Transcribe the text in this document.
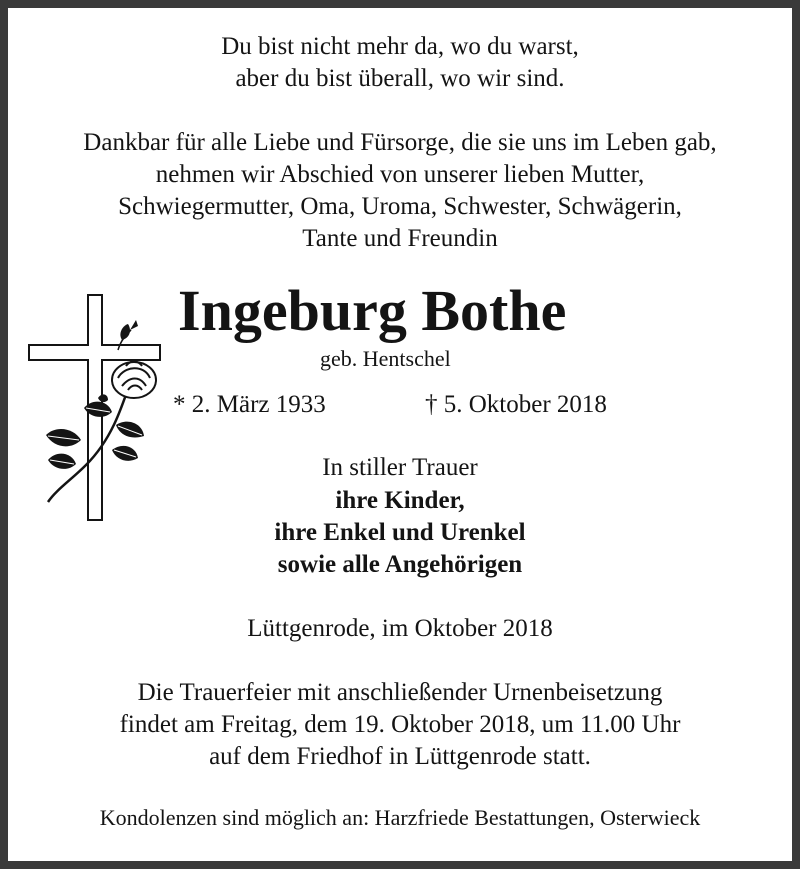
Du bist nicht mehr da, wo du warst,
aber du bist überall, wo wir sind.
Dankbar für alle Liebe und Fürsorge, die sie uns im Leben gab,
nehmen wir Abschied von unserer lieben Mutter,
Schwiegermutter, Oma, Uroma, Schwester, Schwägerin,
Tante und Freundin
Ingeburg Bothe
geb. Hentschel
* 2. März 1933	† 5. Oktober 2018
In stiller Trauer
ihre Kinder,
ihre Enkel und Urenkel
sowie alle Angehörigen
Lüttgenrode, im Oktober 2018
Die Trauerfeier mit anschließender Urnenbeisetzung
findet am Freitag, dem 19. Oktober 2018, um 11.00 Uhr
auf dem Friedhof in Lüttgenrode statt.
Kondolenzen sind möglich an: Harzfriede Bestattungen, Osterwieck
